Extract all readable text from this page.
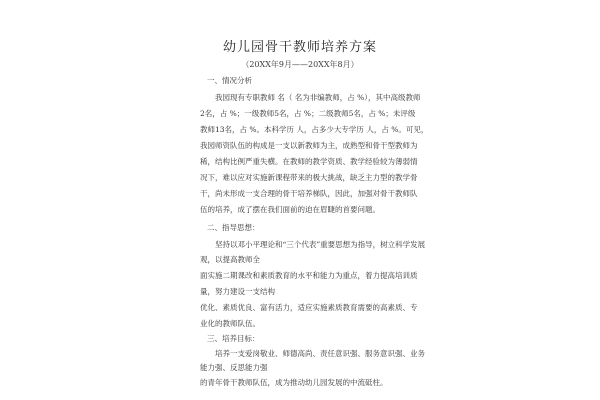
幼儿园骨干教师培养方案
（20XX年9月——20XX年8月）
一、情况分析
我园现有专职教师 名（ 名为非编教师，占 %），其中高级教师
2名，占 %；一级教师5名，占 %；二级教师5名，占 %；未评级
教师13名，占 %。本科学历 人，占多少大专学历 人，占 %。可见，
我园师资队伍的构成是一支以新教师为主，成熟型和骨干型教师为
稀，结构比例严重失横。在教师的教学资质、教学经验较为薄弱情
况下，难以应对实施新课程带来的极大挑战，缺乏主力型的教学骨
干，尚未形成一支合理的骨干培养梯队，因此，加强对骨干教师队
伍的培养，成了摆在我们面前的迫在眉睫的首要问题。
二、指导思想：
坚持以邓小平理论和“三个代表”重要思想为指导，树立科学发展
观，以提高教师全
面实施二期课改和素质教育的水平和能力为重点，着力提高培训质
量，努力建设一支结构
优化、素质优良、富有活力，适应实施素质教育需要的高素质、专
业化的教师队伍。
三、培养目标：
培养一支爱岗敬业、师德高尚、责任意识强、服务意识强、业务
能力强、反思能力强
的青年骨干教师队伍，成为推动幼儿园发展的中流砥柱。
